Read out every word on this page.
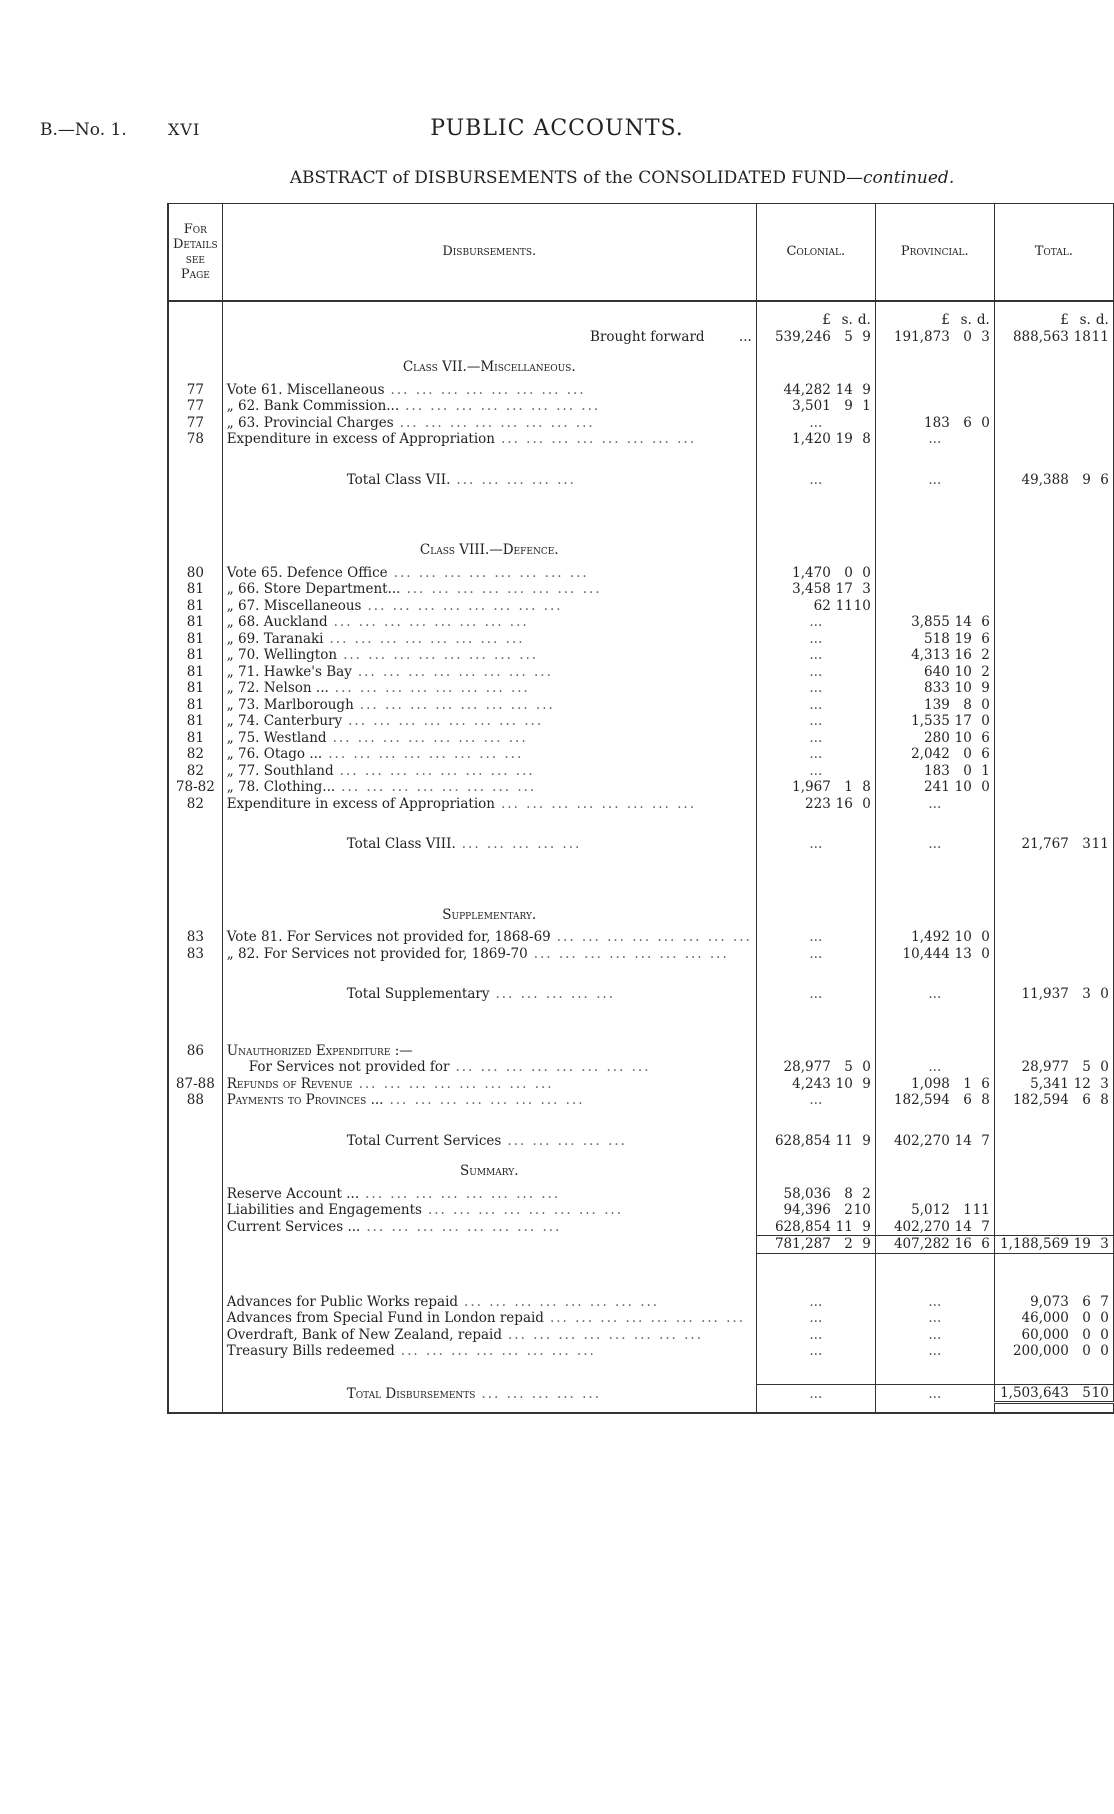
B.—No. 1.	XVI	PUBLIC ACCOUNTS.
ABSTRACT of DISBURSEMENTS of the CONSOLIDATED FUND—continued.
For
Details
see
Page	Disbursements.	Colonial.	Provincial.	Total.

		£ s. d.	£ s. d.	£ s. d.

	Brought forward ...	539,246 5 9	191,873 0 3	888,563 18 11

	Class VII.—Miscellaneous.			
77	Vote 61. Miscellaneous ... ... ... ... ... ... ... ...	44,282 14 9		

77	„ 62. Bank Commission... ... ... ... ... ... ... ... ...	3,501 9 1		

77	„ 63. Provincial Charges ... ... ... ... ... ... ... ...	...	183 6 0	

78	Expenditure in excess of Appropriation ... ... ... ... ... ... ... ...	1,420 19 8	...	

	Total Class VII. ... ... ... ... ...	...	...	49,388 9 6

	Class VIII.—Defence.			
80	Vote 65. Defence Office ... ... ... ... ... ... ... ...	1,470 0 0		

81	„ 66. Store Department... ... ... ... ... ... ... ... ...	3,458 17 3		

81	„ 67. Miscellaneous ... ... ... ... ... ... ... ...	62 11 10		

81	„ 68. Auckland ... ... ... ... ... ... ... ...	...	3,855 14 6	

81	„ 69. Taranaki ... ... ... ... ... ... ... ...	...	518 19 6	

81	„ 70. Wellington ... ... ... ... ... ... ... ...	...	4,313 16 2	

81	„ 71. Hawke's Bay ... ... ... ... ... ... ... ...	...	640 10 2	

81	„ 72. Nelson ... ... ... ... ... ... ... ... ...	...	833 10 9	

81	„ 73. Marlborough ... ... ... ... ... ... ... ...	...	139 8 0	

81	„ 74. Canterbury ... ... ... ... ... ... ... ...	...	1,535 17 0	

81	„ 75. Westland ... ... ... ... ... ... ... ...	...	280 10 6	

82	„ 76. Otago ... ... ... ... ... ... ... ... ...	...	2,042 0 6	

82	„ 77. Southland ... ... ... ... ... ... ... ...	...	183 0 1	

78-82	„ 78. Clothing... ... ... ... ... ... ... ... ...	1,967 1 8	241 10 0	

82	Expenditure in excess of Appropriation ... ... ... ... ... ... ... ...	223 16 0	...	

	Total Class VIII. ... ... ... ... ...	...	...	21,767 3 11

	Supplementary.			
83	Vote 81. For Services not provided for, 1868-69 ... ... ... ... ... ... ... ...	...	1,492 10 0	

83	„ 82. For Services not provided for, 1869-70 ... ... ... ... ... ... ... ...	...	10,444 13 0	

	Total Supplementary ... ... ... ... ...	...	...	11,937 3 0

86	Unauthorized Expenditure :—			

	For Services not provided for ... ... ... ... ... ... ... ...	28,977 5 0	...	28,977 5 0

87-88	Refunds of Revenue ... ... ... ... ... ... ... ...	4,243 10 9	1,098 1 6	5,341 12 3

88	Payments to Provinces ... ... ... ... ... ... ... ... ...	...	182,594 6 8	182,594 6 8

	Total Current Services ... ... ... ... ...	628,854 11 9	402,270 14 7	

	Summary.			

	Reserve Account ... ... ... ... ... ... ... ... ...	58,036 8 2		

	Liabilities and Engagements ... ... ... ... ... ... ... ...	94,396 2 10	5,012 1 11	

	Current Services ... ... ... ... ... ... ... ... ...	628,854 11 9	402,270 14 7	

		781,287 2 9	407,282 16 6	1,188,569 19 3

	Advances for Public Works repaid ... ... ... ... ... ... ... ...	...	...	9,073 6 7

	Advances from Special Fund in London repaid ... ... ... ... ... ... ... ...	...	...	46,000 0 0

	Overdraft, Bank of New Zealand, repaid ... ... ... ... ... ... ... ...	...	...	60,000 0 0

	Treasury Bills redeemed ... ... ... ... ... ... ... ...	...	...	200,000 0 0

	Total Disbursements ... ... ... ... ...	...	...	1,503,643 5 10
